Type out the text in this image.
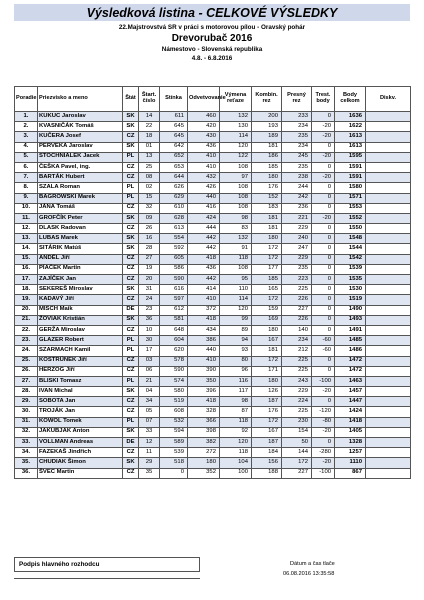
Výsledková listina - CELKOVÉ VÝSLEDKY
22.Majstrovstvá SR v práci s motorovou pílou - Oravský pohár
Drevorubač 2016
Námestovo - Slovenská republika
4.8. - 6.8.2016
Poradie	Priezvisko a meno	Štát	Štart. číslo	Stínka	Odvetvovanie	Výmena reťaze	Kombin. rez	Presný rez	Trest. body	Body celkom	Diskv.
1.	KUKUC Jaroslav	SK	14	611	460	132	200	233	0	1636	
2.	KVASNIČÁK Tomáš	SK	22	645	420	130	193	234	-20	1622	
3.	KUČERA Josef	CZ	18	645	430	114	189	235	-20	1613	
4.	PERVEKA Jaroslav	SK	01	642	436	120	181	234	0	1613	
5.	STOCHNIALEK Jacek	PL	13	652	410	122	186	245	-20	1595	
6.	ČEŠKA Pavel, ing.	CZ	25	653	410	108	185	235	0	1591	
7.	BARTÁK Hubert	CZ	08	644	432	97	180	238	-20	1591	
8.	SZALA Roman	PL	02	626	426	108	176	244	0	1580	
9.	BAGROWSKI Marek	PL	15	629	440	108	152	242	0	1571	
10.	JÁNA Tomáš	CZ	32	610	416	108	183	236	0	1553	
11.	GROFČÍK Peter	SK	09	628	424	98	181	221	-20	1552	
12.	DLASK Radovan	CZ	26	613	444	83	181	229	0	1550	
13.	LUBAS Marek	SK	16	554	442	132	180	240	0	1548	
14.	SITÁRIK Matúš	SK	28	592	442	91	172	247	0	1544	
15.	ANDĚL Jiří	CZ	27	605	418	118	172	229	0	1542	
16.	PÍAČEK Martin	CZ	19	586	436	108	177	235	0	1539	
17.	ZAJÍČEK Jan	CZ	20	590	442	95	185	223	0	1535	
18.	SEKEREŠ Miroslav	SK	31	616	414	110	165	225	0	1530	
19.	KADAVÝ Jiří	CZ	24	597	410	114	172	226	0	1519	
20.	MISCH Maik	DE	23	612	372	120	159	227	0	1490	
21.	ŽOVIAK Kristián	SK	36	581	418	99	169	226	0	1493	
22.	GERŽA Miroslav	CZ	10	648	434	89	180	140	0	1491	
23.	GLAZER Robert	PL	30	604	386	94	167	234	-60	1485	
24.	SZARMACH Kamil	PL	17	620	440	93	181	212	-60	1486	
25.	KOSTRÜNEK Jiří	CZ	03	578	410	80	172	225	0	1472	
26.	HERZOG Jiří	CZ	06	590	390	96	171	225	0	1472	
27.	BLISKI Tomasz	PL	21	574	350	116	180	243	-100	1463	
28.	IVAN Michal	SK	04	580	396	117	126	229	-20	1457	
29.	SOBOTA Jan	CZ	34	519	418	98	187	224	0	1447	
30.	TROJÁK Jan	CZ	05	608	328	87	176	225	-120	1424	
31.	KOWOL Tomek	PL	07	532	366	118	172	230	-80	1418	
32.	JAKUBJAK Anton	SK	33	594	398	92	167	154	-20	1405	
33.	VOLLMAN Andreas	DE	12	589	382	120	187	50	0	1328	
34.	FAZEKAŠ Jindřich	CZ	11	539	272	118	184	144	-280	1257	
35.	CHUDIAK Šimon	SK	29	518	180	104	156	172	-20	1110	
36.	ŠVEC Martin	CZ	35	0	352	100	188	227	-100	867	
Podpis hlavného rozhodcu	Dátum a čas tlače
06.08.2016 13:35:58
